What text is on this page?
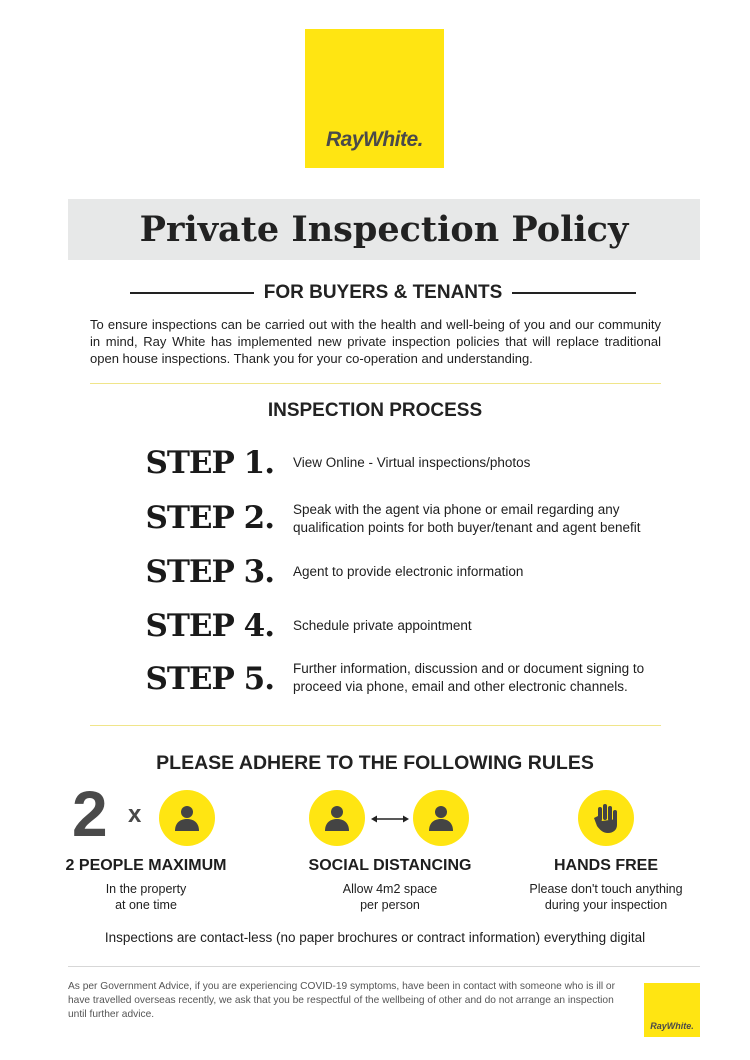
RayWhite.
Private Inspection Policy
FOR BUYERS & TENANTS

To ensure inspections can be carried out with the health and well-being of you and our community in mind, Ray White has implemented new private inspection policies that will replace traditional open house inspections. Thank you for your co-operation and understanding.

INSPECTION PROCESS
STEP 1. View Online - Virtual inspections/photos
STEP 2. Speak with the agent via phone or email regarding any qualification points for both buyer/tenant and agent benefit
STEP 3. Agent to provide electronic information
STEP 4. Schedule private appointment
STEP 5. Further information, discussion and or document signing to proceed via phone, email and other electronic channels.
PLEASE ADHERE TO THE FOLLOWING RULES
2 x
2 PEOPLE MAXIMUM
In the property
at one time
SOCIAL DISTANCING
Allow 4m2 space
per person
HANDS FREE
Please don't touch anything
during your inspection
Inspections are contact-less (no paper brochures or contract information) everything digital
As per Government Advice, if you are experiencing COVID-19 symptoms, have been in contact with someone who is ill or have travelled overseas recently, we ask that you be respectful of the wellbeing of other and do not arrange an inspection until further advice.
RayWhite.
